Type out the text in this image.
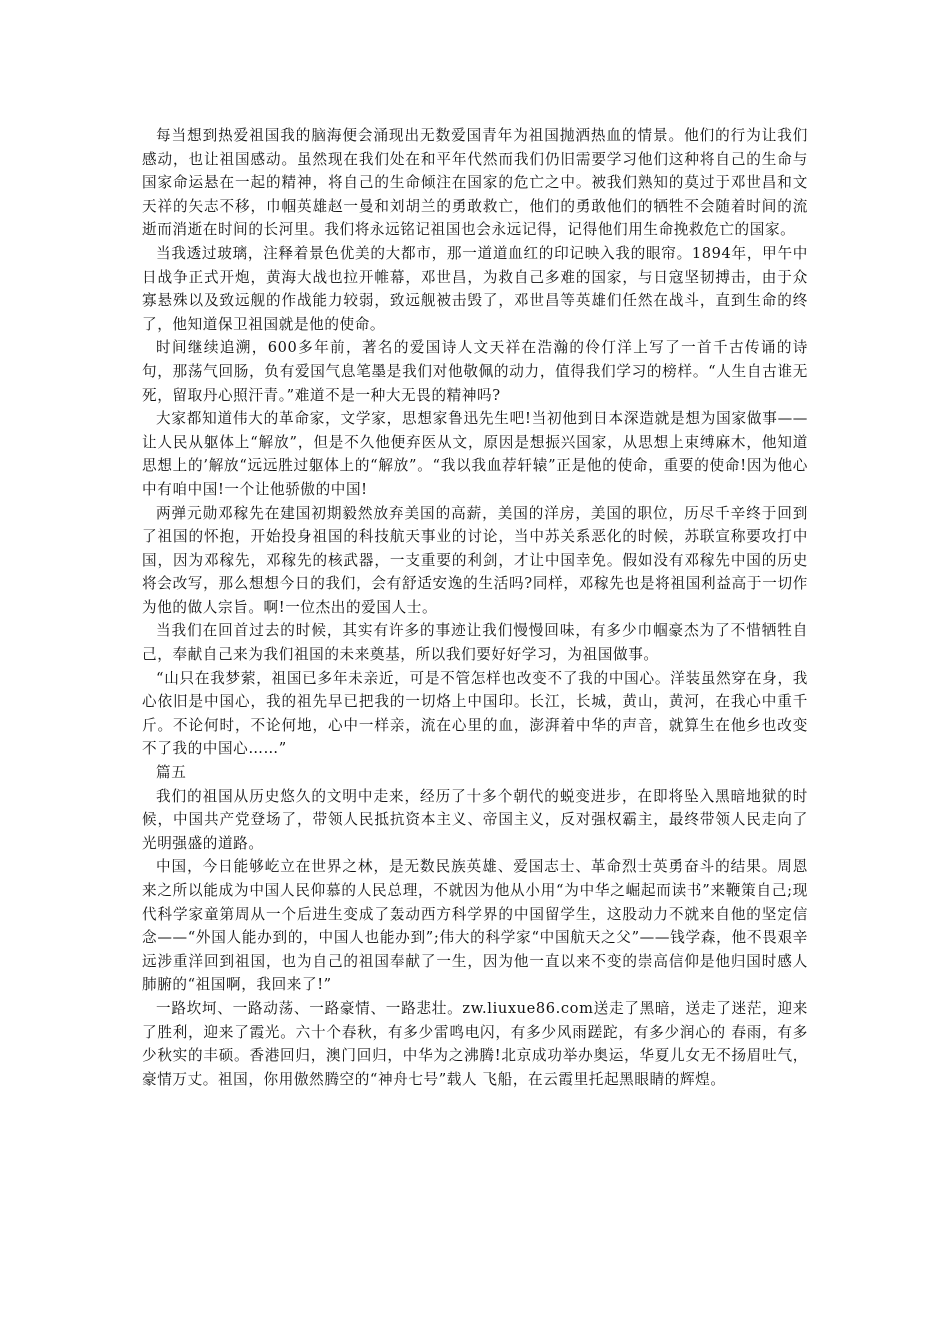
每当想到热爱祖国我的脑海便会涌现出无数爱国青年为祖国抛洒热血的情景。他们的行为让我们感动，也让祖国感动。虽然现在我们处在和平年代然而我们仍旧需要学习他们这种将自己的生命与国家命运悬在一起的精神，将自己的生命倾注在国家的危亡之中。被我们熟知的莫过于邓世昌和文天祥的矢志不移，巾帼英雄赵一曼和刘胡兰的勇敢救亡，他们的勇敢他们的牺牲不会随着时间的流逝而消逝在时间的长河里。我们将永远铭记祖国也会永远记得，记得他们用生命挽救危亡的国家。

当我透过玻璃，注释着景色优美的大都市，那一道道血红的印记映入我的眼帘。1894年，甲午中日战争正式开炮，黄海大战也拉开帷幕，邓世昌，为救自己多难的国家，与日寇坚韧搏击，由于众寡悬殊以及致远舰的作战能力较弱，致远舰被击毁了，邓世昌等英雄们任然在战斗，直到生命的终了，他知道保卫祖国就是他的使命。

时间继续追溯，600多年前，著名的爱国诗人文天祥在浩瀚的伶仃洋上写了一首千古传诵的诗句，那荡气回肠，负有爱国气息笔墨是我们对他敬佩的动力，值得我们学习的榜样。“人生自古谁无死，留取丹心照汗青。”难道不是一种大无畏的精神吗?

大家都知道伟大的革命家，文学家，思想家鲁迅先生吧!当初他到日本深造就是想为国家做事——让人民从躯体上“解放”，但是不久他便弃医从文，原因是想振兴国家，从思想上束缚麻木，他知道思想上的’解放“远远胜过躯体上的“解放”。“我以我血荐轩辕”正是他的使命，重要的使命!因为他心中有咱中国!一个让他骄傲的中国!

两弹元勋邓稼先在建国初期毅然放弃美国的高薪，美国的洋房，美国的职位，历尽千辛终于回到了祖国的怀抱，开始投身祖国的科技航天事业的讨论，当中苏关系恶化的时候，苏联宣称要攻打中国，因为邓稼先，邓稼先的核武器，一支重要的利剑，才让中国幸免。假如没有邓稼先中国的历史将会改写，那么想想今日的我们，会有舒适安逸的生活吗?同样，邓稼先也是将祖国利益高于一切作为他的做人宗旨。啊!一位杰出的爱国人士。

当我们在回首过去的时候，其实有许多的事迹让我们慢慢回味，有多少巾帼豪杰为了不惜牺牲自己，奉献自己来为我们祖国的未来奠基，所以我们要好好学习，为祖国做事。

“山只在我梦萦，祖国已多年未亲近，可是不管怎样也改变不了我的中国心。洋装虽然穿在身，我心依旧是中国心，我的祖先早已把我的一切烙上中国印。长江，长城，黄山，黄河，在我心中重千斤。不论何时，不论何地，心中一样亲，流在心里的血，澎湃着中华的声音，就算生在他乡也改变不了我的中国心……”

篇五

我们的祖国从历史悠久的文明中走来，经历了十多个朝代的蜕变进步，在即将坠入黑暗地狱的时候，中国共产党登场了，带领人民抵抗资本主义、帝国主义，反对强权霸主，最终带领人民走向了光明强盛的道路。

中国，今日能够屹立在世界之林，是无数民族英雄、爱国志士、革命烈士英勇奋斗的结果。周恩来之所以能成为中国人民仰慕的人民总理，不就因为他从小用“为中华之崛起而读书”来鞭策自己;现代科学家童第周从一个后进生变成了轰动西方科学界的中国留学生，这股动力不就来自他的坚定信念——“外国人能办到的，中国人也能办到”;伟大的科学家“中国航天之父”——钱学森，他不畏艰辛远涉重洋回到祖国，也为自己的祖国奉献了一生，因为他一直以来不变的崇高信仰是他归国时感人肺腑的“祖国啊，我回来了!”

一路坎坷、一路动荡、一路豪情、一路悲壮。zw.liuxue86.com送走了黑暗，送走了迷茫，迎来了胜利，迎来了霞光。六十个春秋，有多少雷鸣电闪，有多少风雨蹉跎，有多少润心的 春雨，有多少秋实的丰硕。香港回归，澳门回归，中华为之沸腾!北京成功举办奥运，华夏儿女无不扬眉吐气，豪情万丈。祖国，你用傲然腾空的“神舟七号”载人 飞船，在云霞里托起黑眼睛的辉煌。
